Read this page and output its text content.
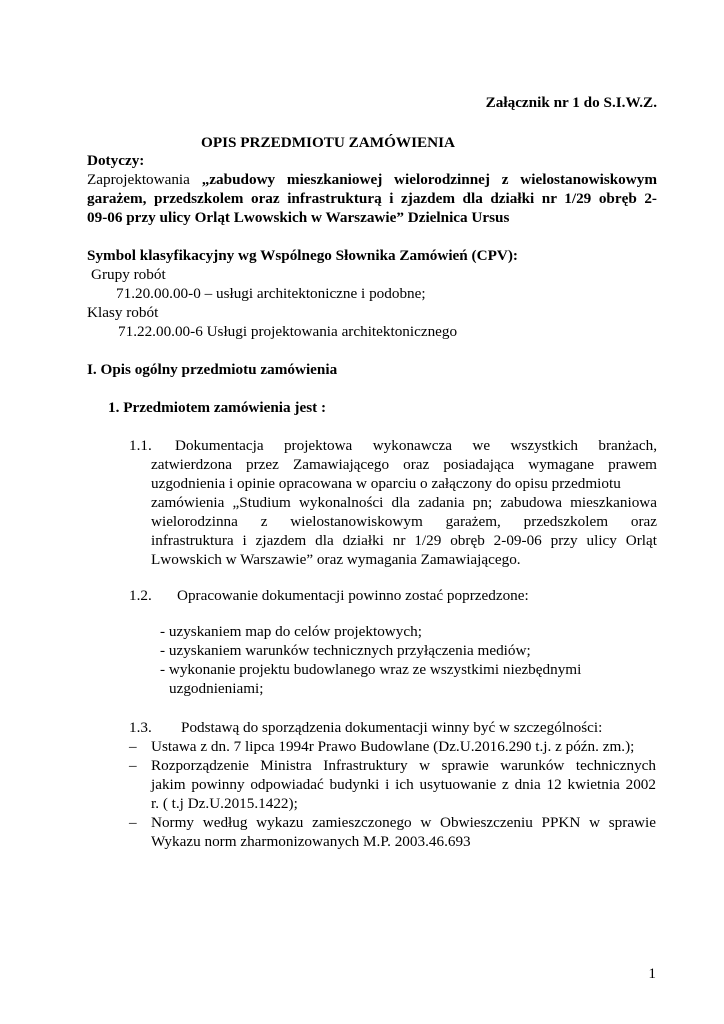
Załącznik nr 1 do S.I.W.Z.
OPIS PRZEDMIOTU ZAMÓWIENIA
Dotyczy:
Zaprojektowania „zabudowy mieszkaniowej wielorodzinnej z wielostanowiskowym
garażem, przedszkolem oraz infrastrukturą i zjazdem dla działki nr 1/29 obręb 2-
09-06 przy ulicy Orląt Lwowskich w Warszawie” Dzielnica Ursus
Symbol klasyfikacyjny wg Wspólnego Słownika Zamówień (CPV):
Grupy robót
71.20.00.00-0 – usługi architektoniczne i podobne;
Klasy robót
71.22.00.00-6 Usługi projektowania architektonicznego
I. Opis ogólny przedmiotu zamówienia
1. Przedmiotem zamówienia jest :
1.1. Dokumentacja projektowa wykonawcza we wszystkich branżach,
zatwierdzona przez Zamawiającego oraz posiadająca wymagane prawem
uzgodnienia i opinie opracowana w oparciu o załączony do opisu przedmiotu
zamówienia „Studium wykonalności dla zadania pn; zabudowa mieszkaniowa
wielorodzinna z wielostanowiskowym garażem, przedszkolem oraz
infrastruktura i zjazdem dla działki nr 1/29 obręb 2-09-06 przy ulicy Orląt
Lwowskich w Warszawie” oraz wymagania Zamawiającego.
1.2. Opracowanie dokumentacji powinno zostać poprzedzone:
- uzyskaniem map do celów projektowych;
- uzyskaniem warunków technicznych przyłączenia mediów;
- wykonanie projektu budowlanego wraz ze wszystkimi niezbędnymi
uzgodnieniami;
1.3. Podstawą do sporządzenia dokumentacji winny być w szczególności:
– Ustawa z dn. 7 lipca 1994r Prawo Budowlane (Dz.U.2016.290 t.j. z późn. zm.);
– Rozporządzenie Ministra Infrastruktury w sprawie warunków technicznych
jakim powinny odpowiadać budynki i ich usytuowanie z dnia 12 kwietnia 2002
r. ( t.j Dz.U.2015.1422);
– Normy według wykazu zamieszczonego w Obwieszczeniu PPKN w sprawie
Wykazu norm zharmonizowanych M.P. 2003.46.693
1
